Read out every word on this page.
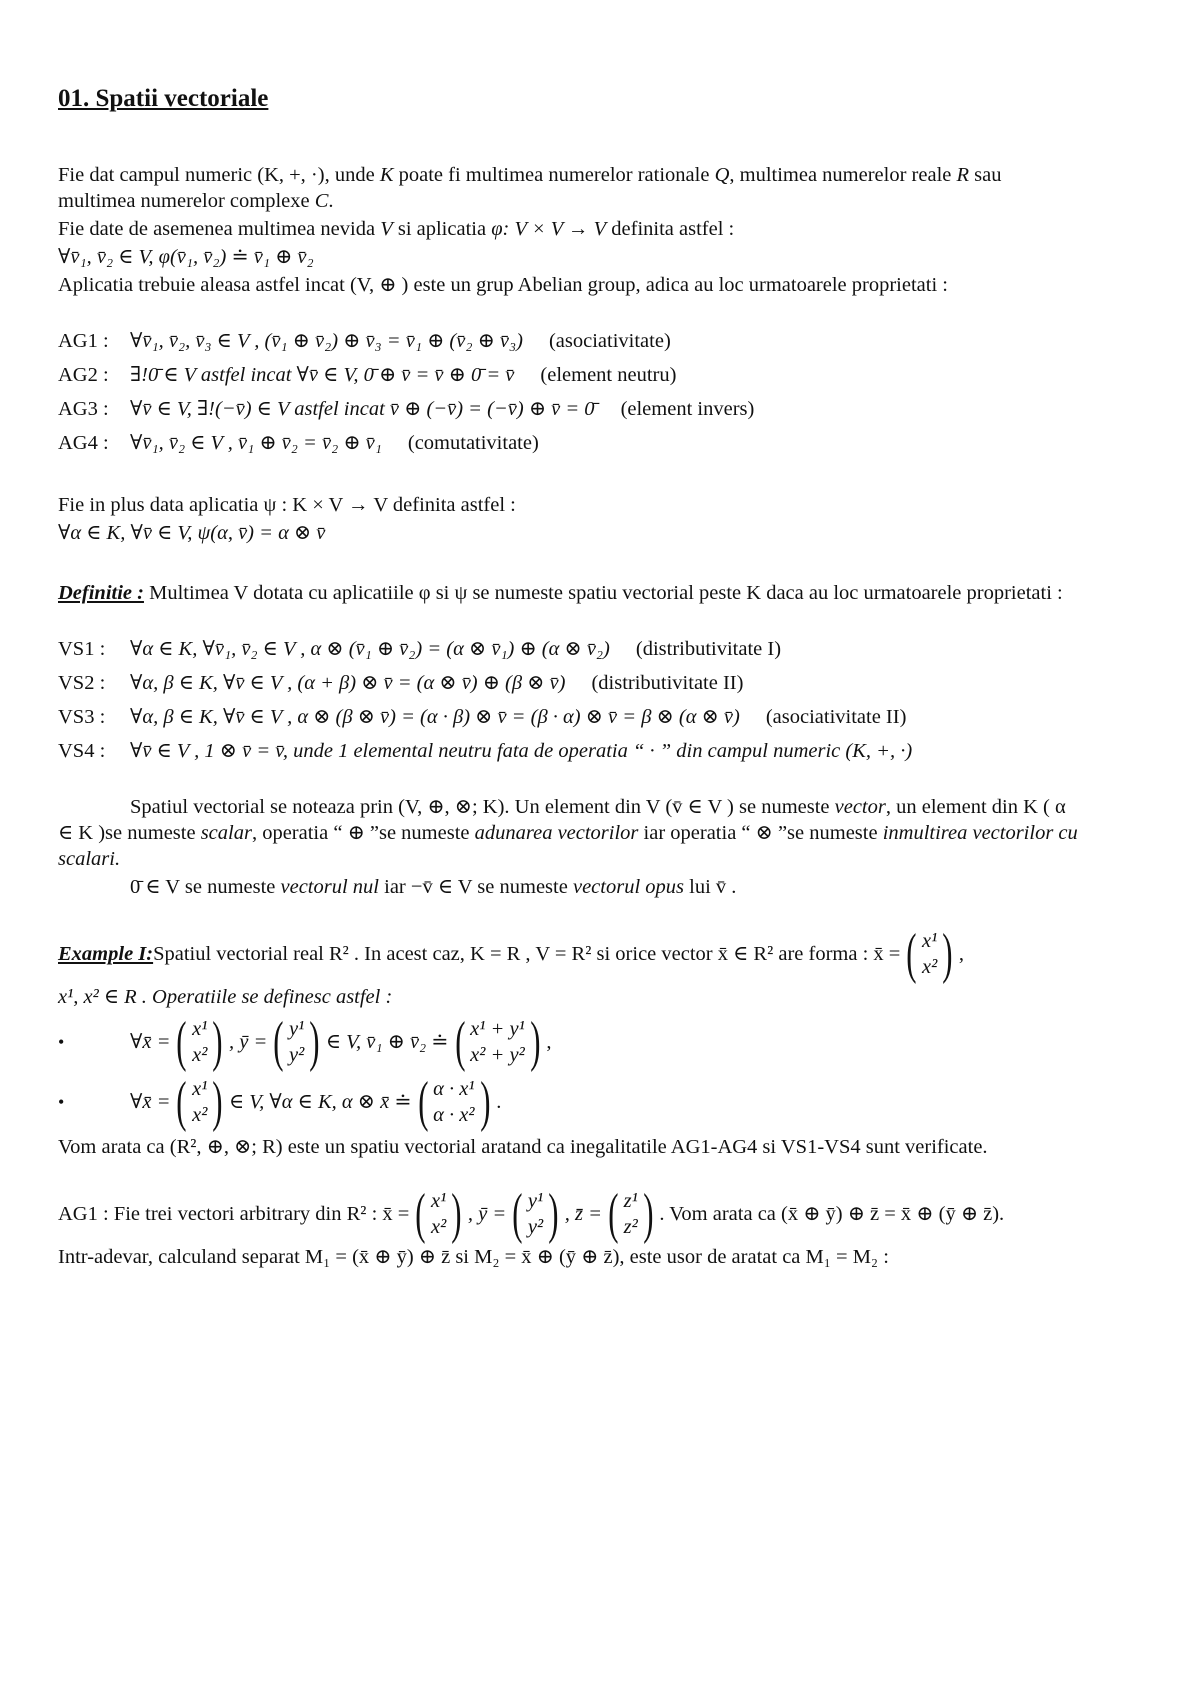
01. Spatii vectoriale

Fie dat campul numeric (K, +, ·), unde K poate fi multimea numerelor rationale Q, multimea numerelor reale R sau multimea numerelor complexe C.

Fie date de asemenea multimea nevida V si aplicatia φ: V × V → V definita astfel :

∀v̄₁, v̄₂ ∈ V, φ(v̄₁, v̄₂) ≐ v̄₁ ⊕ v̄₂

Aplicatia trebuie aleasa astfel incat (V, ⊕ ) este un grup Abelian group, adica au loc urmatoarele proprietati :

AG1 :	∀v̄₁, v̄₂, v̄₃ ∈ V , (v̄₁ ⊕ v̄₂) ⊕ v̄₃ = v̄₁ ⊕ (v̄₂ ⊕ v̄₃) (asociativitate)
AG2 :	∃!0̄ ∈ V astfel incat ∀v̄ ∈ V, 0̄ ⊕ v̄ = v̄ ⊕ 0̄ = v̄ (element neutru)
AG3 :	∀v̄ ∈ V, ∃!(−v̄) ∈ V astfel incat v̄ ⊕ (−v̄) = (−v̄) ⊕ v̄ = 0̄ (element invers)
AG4 :	∀v̄₁, v̄₂ ∈ V , v̄₁ ⊕ v̄₂ = v̄₂ ⊕ v̄₁ (comutativitate)

Fie in plus data aplicatia ψ : K × V → V definita astfel :

∀α ∈ K, ∀v̄ ∈ V, ψ(α, v̄) = α ⊗ v̄

Definitie : Multimea V dotata cu aplicatiile φ si ψ se numeste spatiu vectorial peste K daca au loc urmatoarele proprietati :

VS1 :	∀α ∈ K, ∀v̄₁, v̄₂ ∈ V , α ⊗ (v̄₁ ⊕ v̄₂) = (α ⊗ v̄₁) ⊕ (α ⊗ v̄₂) (distributivitate I)
VS2 :	∀α, β ∈ K, ∀v̄ ∈ V , (α + β) ⊗ v̄ = (α ⊗ v̄) ⊕ (β ⊗ v̄) (distributivitate II)
VS3 :	∀α, β ∈ K, ∀v̄ ∈ V , α ⊗ (β ⊗ v̄) = (α · β) ⊗ v̄ = (β · α) ⊗ v̄ = β ⊗ (α ⊗ v̄) (asociativitate II)
VS4 :	∀v̄ ∈ V , 1 ⊗ v̄ = v̄, unde 1 elemental neutru fata de operatia “ · ” din campul numeric (K, +, ·)

Spatiul vectorial se noteaza prin (V, ⊕, ⊗; K). Un element din V (v̄ ∈ V ) se numeste vector, un element din K ( α ∈ K )se numeste scalar, operatia “ ⊕ ”se numeste adunarea vectorilor iar operatia “ ⊗ ”se numeste inmultirea vectorilor cu scalari.

0̄ ∈ V se numeste vectorul nul iar −v̄ ∈ V se numeste vectorul opus lui v̄ .

Example I: Spatiul vectorial real R² . In acest caz, K = R , V = R² si orice vector x̄ ∈ R² are forma : x̄ = ( x¹
x² ) ,

x¹, x² ∈ R . Operatiile se definesc astfel :

•	∀x̄ = ( x¹
x² ) , ȳ = ( y¹
y² ) ∈ V, v̄₁ ⊕ v̄₂ ≐ ( x¹ + y¹
x² + y² ) ,
•	∀x̄ = ( x¹
x² ) ∈ V, ∀α ∈ K, α ⊗ x̄ ≐ ( α · x¹
α · x² ) .

Vom arata ca (R², ⊕, ⊗; R) este un spatiu vectorial aratand ca inegalitatile AG1-AG4 si VS1-VS4 sunt verificate.

AG1 : Fie trei vectori arbitrary din R² : x̄ = ( x¹
x² ) , ȳ = ( y¹
y² ) , z̄ = ( z¹
z² ) . Vom arata ca (x̄ ⊕ ȳ) ⊕ z̄ = x̄ ⊕ (ȳ ⊕ z̄).

Intr-adevar, calculand separat M₁ = (x̄ ⊕ ȳ) ⊕ z̄ si M₂ = x̄ ⊕ (ȳ ⊕ z̄), este usor de aratat ca M₁ = M₂ :
